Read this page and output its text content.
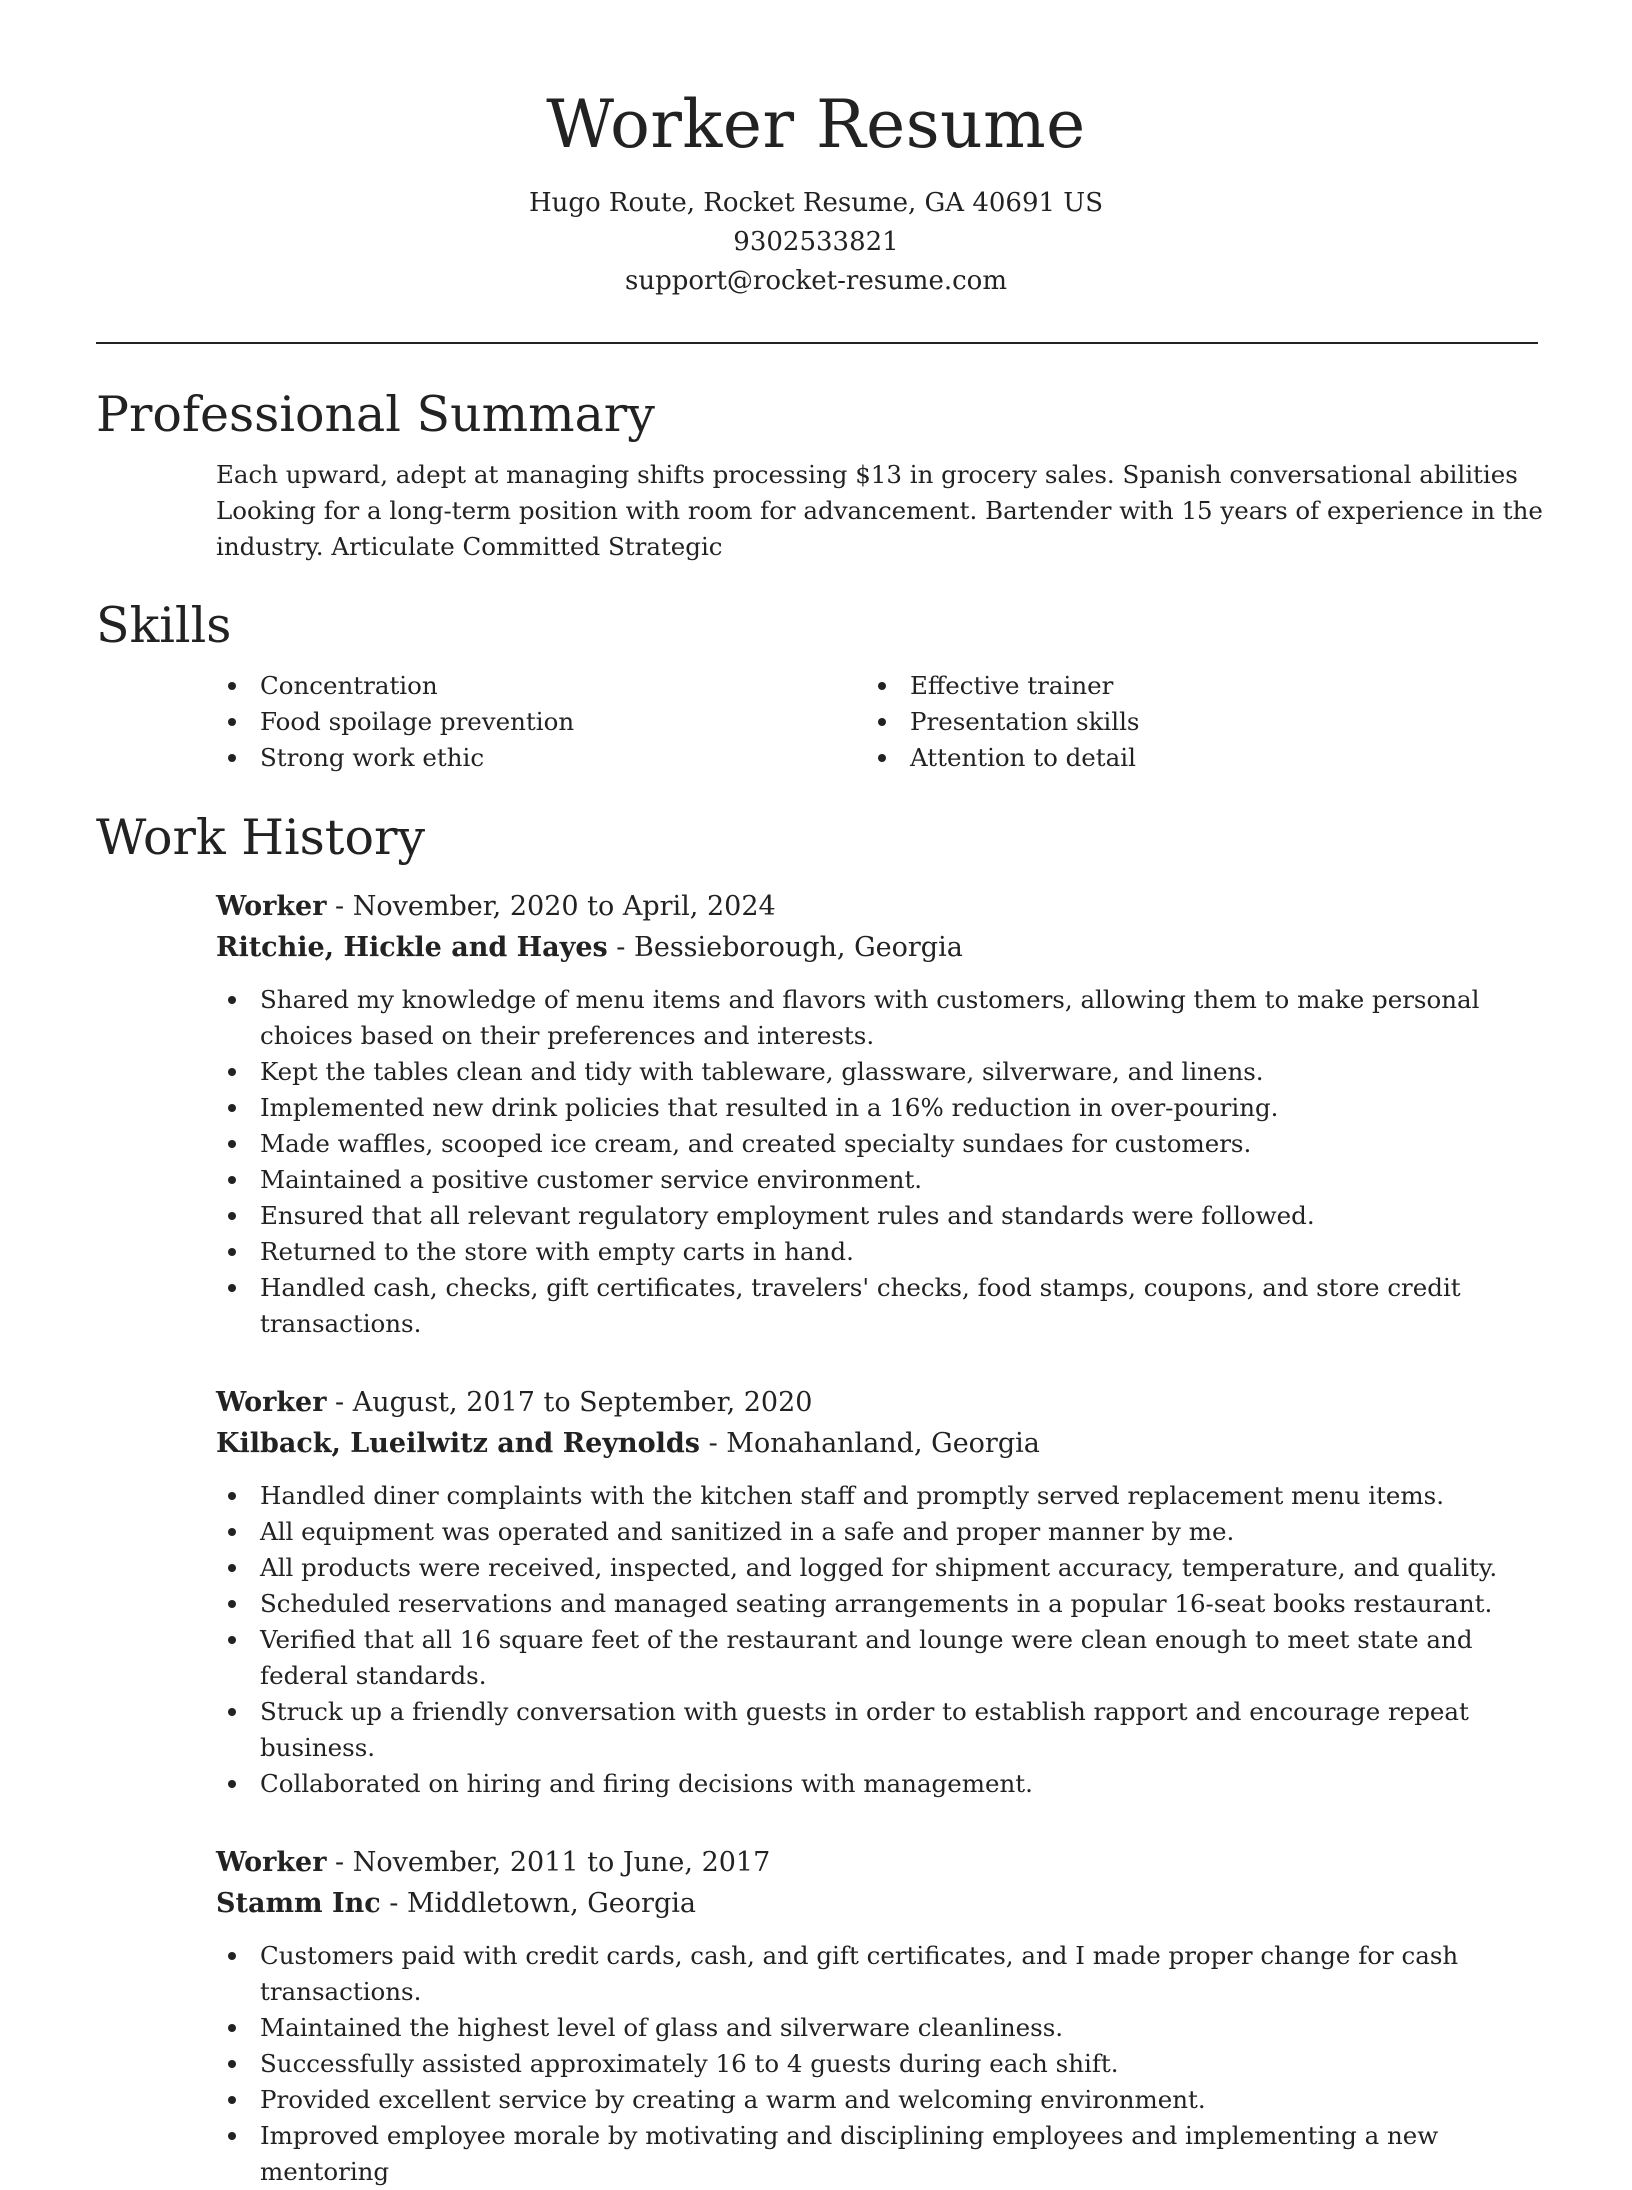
Worker Resume
Hugo Route, Rocket Resume, GA 40691 US
9302533821
support@rocket-resume.com
Professional Summary
Each upward, adept at managing shifts processing $13 in grocery sales. Spanish conversational abilities Looking for a long-term position with room for advancement. Bartender with 15 years of experience in the industry. Articulate Committed Strategic
Skills
Concentration
Food spoilage prevention
Strong work ethic
Effective trainer
Presentation skills
Attention to detail
Work History
Worker - November, 2020 to April, 2024
Ritchie, Hickle and Hayes - Bessieborough, Georgia
Shared my knowledge of menu items and flavors with customers, allowing them to make personal choices based on their preferences and interests.
Kept the tables clean and tidy with tableware, glassware, silverware, and linens.
Implemented new drink policies that resulted in a 16% reduction in over-pouring.
Made waffles, scooped ice cream, and created specialty sundaes for customers.
Maintained a positive customer service environment.
Ensured that all relevant regulatory employment rules and standards were followed.
Returned to the store with empty carts in hand.
Handled cash, checks, gift certificates, travelers' checks, food stamps, coupons, and store credit transactions.
Worker - August, 2017 to September, 2020
Kilback, Lueilwitz and Reynolds - Monahanland, Georgia
Handled diner complaints with the kitchen staff and promptly served replacement menu items.
All equipment was operated and sanitized in a safe and proper manner by me.
All products were received, inspected, and logged for shipment accuracy, temperature, and quality.
Scheduled reservations and managed seating arrangements in a popular 16-seat books restaurant.
Verified that all 16 square feet of the restaurant and lounge were clean enough to meet state and federal standards.
Struck up a friendly conversation with guests in order to establish rapport and encourage repeat business.
Collaborated on hiring and firing decisions with management.
Worker - November, 2011 to June, 2017
Stamm Inc - Middletown, Georgia
Customers paid with credit cards, cash, and gift certificates, and I made proper change for cash transactions.
Maintained the highest level of glass and silverware cleanliness.
Successfully assisted approximately 16 to 4 guests during each shift.
Provided excellent service by creating a warm and welcoming environment.
Improved employee morale by motivating and disciplining employees and implementing a new mentoring
